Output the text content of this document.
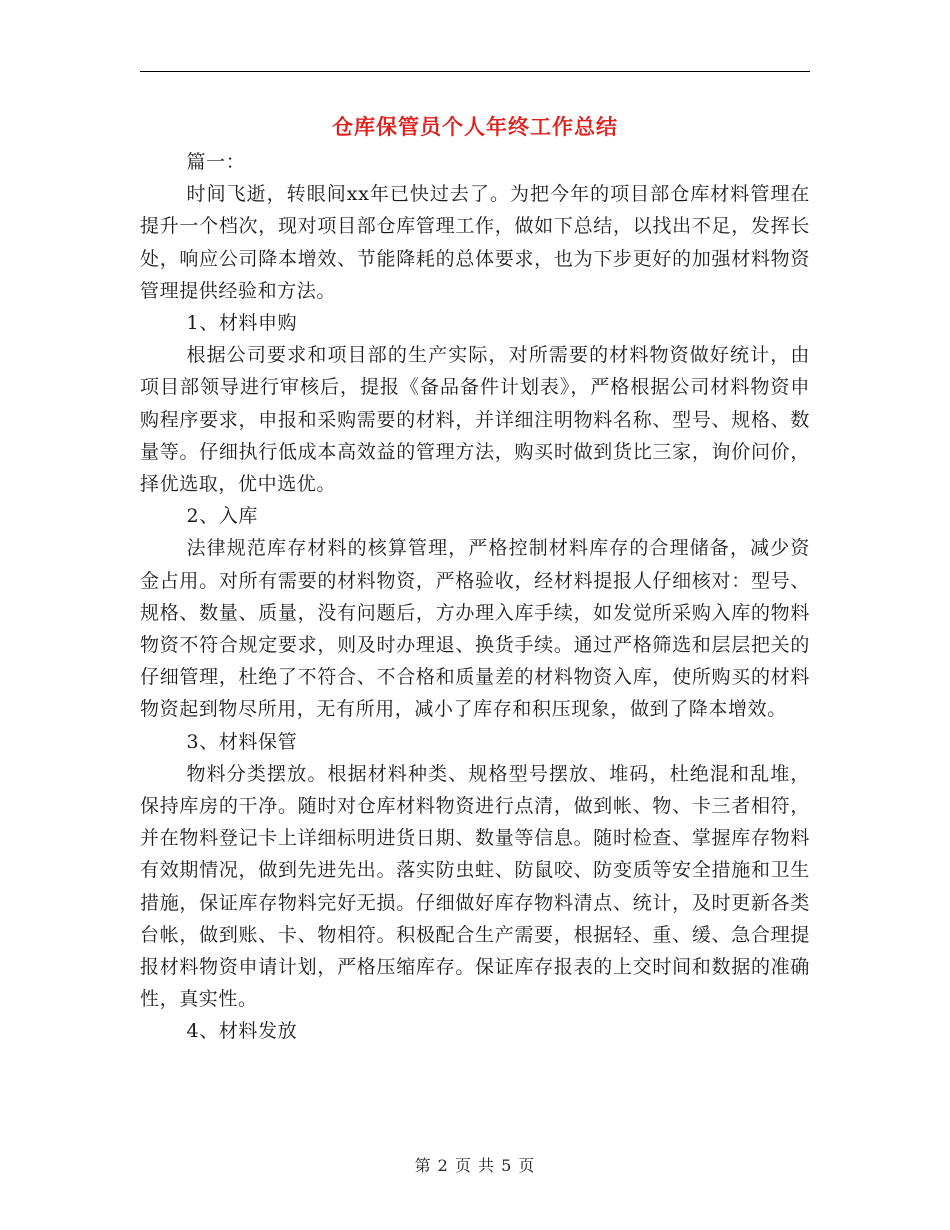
仓库保管员个人年终工作总结

篇一：

时间飞逝，转眼间xx年已快过去了。为把今年的项目部仓库材料管理在提升一个档次，现对项目部仓库管理工作，做如下总结，以找出不足，发挥长处，响应公司降本增效、节能降耗的总体要求，也为下步更好的加强材料物资管理提供经验和方法。

1、材料申购

根据公司要求和项目部的生产实际，对所需要的材料物资做好统计，由项目部领导进行审核后，提报《备品备件计划表》，严格根据公司材料物资申购程序要求，申报和采购需要的材料，并详细注明物料名称、型号、规格、数量等。仔细执行低成本高效益的管理方法，购买时做到货比三家，询价问价，择优选取，优中选优。

2、入库

法律规范库存材料的核算管理，严格控制材料库存的合理储备，减少资金占用。对所有需要的材料物资，严格验收，经材料提报人仔细核对：型号、规格、数量、质量，没有问题后，方办理入库手续，如发觉所采购入库的物料物资不符合规定要求，则及时办理退、换货手续。通过严格筛选和层层把关的仔细管理，杜绝了不符合、不合格和质量差的材料物资入库，使所购买的材料物资起到物尽所用，无有所用，减小了库存和积压现象，做到了降本增效。

3、材料保管

物料分类摆放。根据材料种类、规格型号摆放、堆码，杜绝混和乱堆，保持库房的干净。随时对仓库材料物资进行点清，做到帐、物、卡三者相符，并在物料登记卡上详细标明进货日期、数量等信息。随时检查、掌握库存物料有效期情况，做到先进先出。落实防虫蛀、防鼠咬、防变质等安全措施和卫生措施，保证库存物料完好无损。仔细做好库存物料清点、统计，及时更新各类台帐，做到账、卡、物相符。积极配合生产需要，根据轻、重、缓、急合理提报材料物资申请计划，严格压缩库存。保证库存报表的上交时间和数据的准确性，真实性。

4、材料发放

第 2 页 共 5 页
